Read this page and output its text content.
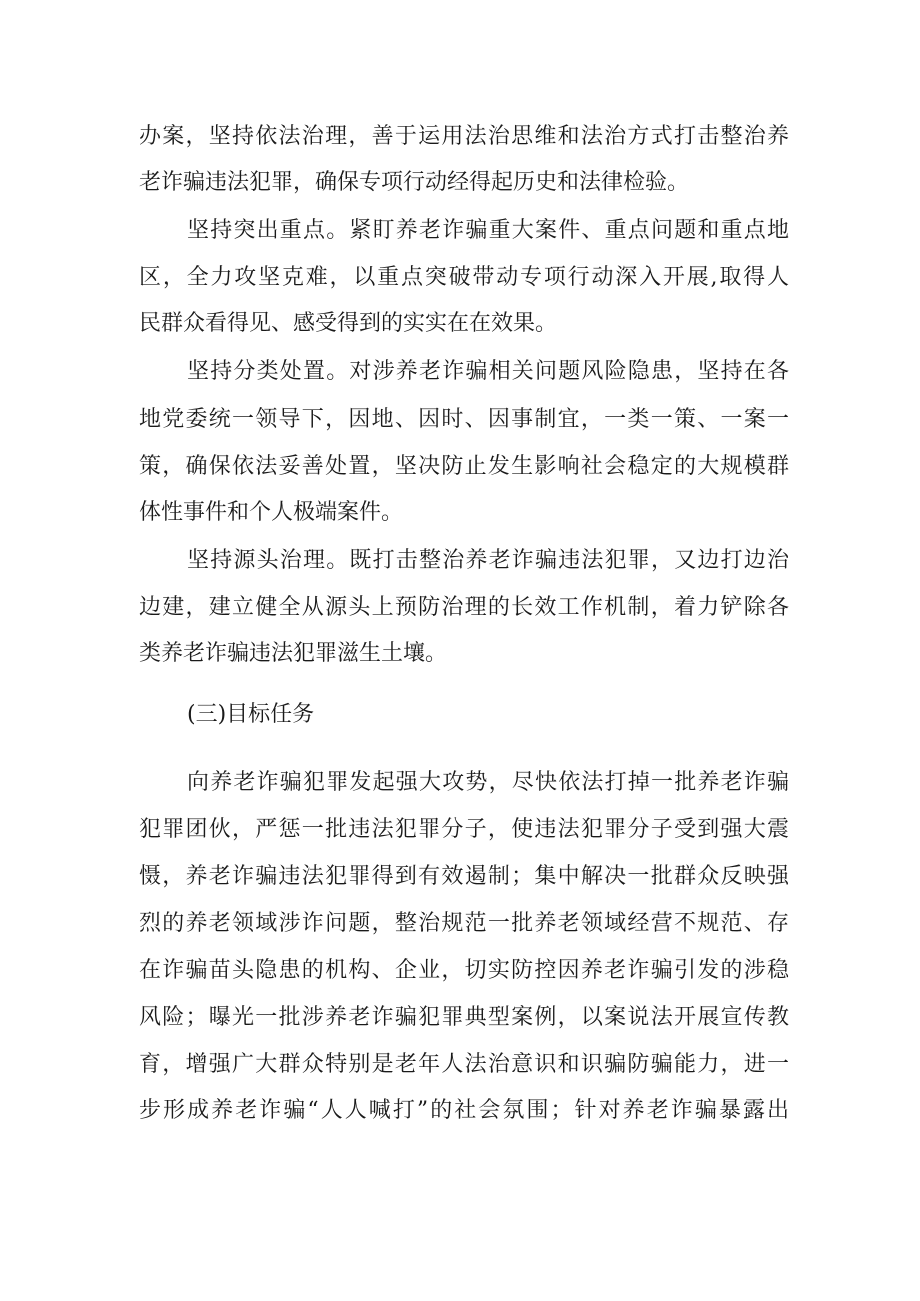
办案，坚持依法治理，善于运用法治思维和法治方式打击整治养
老诈骗违法犯罪，确保专项行动经得起历史和法律检验。
坚持突出重点。紧盯养老诈骗重大案件、重点问题和重点地
区，全力攻坚克难，以重点突破带动专项行动深入开展,取得人
民群众看得见、感受得到的实实在在效果。
坚持分类处置。对涉养老诈骗相关问题风险隐患，坚持在各
地党委统一领导下，因地、因时、因事制宜，一类一策、一案一
策，确保依法妥善处置，坚决防止发生影响社会稳定的大规模群
体性事件和个人极端案件。
坚持源头治理。既打击整治养老诈骗违法犯罪，又边打边治
边建，建立健全从源头上预防治理的长效工作机制，着力铲除各
类养老诈骗违法犯罪滋生土壤。
(三)目标任务
向养老诈骗犯罪发起强大攻势，尽快依法打掉一批养老诈骗
犯罪团伙，严惩一批违法犯罪分子，使违法犯罪分子受到强大震
慑，养老诈骗违法犯罪得到有效遏制；集中解决一批群众反映强
烈的养老领域涉诈问题，整治规范一批养老领域经营不规范、存
在诈骗苗头隐患的机构、企业，切实防控因养老诈骗引发的涉稳
风险；曝光一批涉养老诈骗犯罪典型案例，以案说法开展宣传教
育，增强广大群众特别是老年人法治意识和识骗防骗能力，进一
步形成养老诈骗“人人喊打”的社会氛围；针对养老诈骗暴露出
